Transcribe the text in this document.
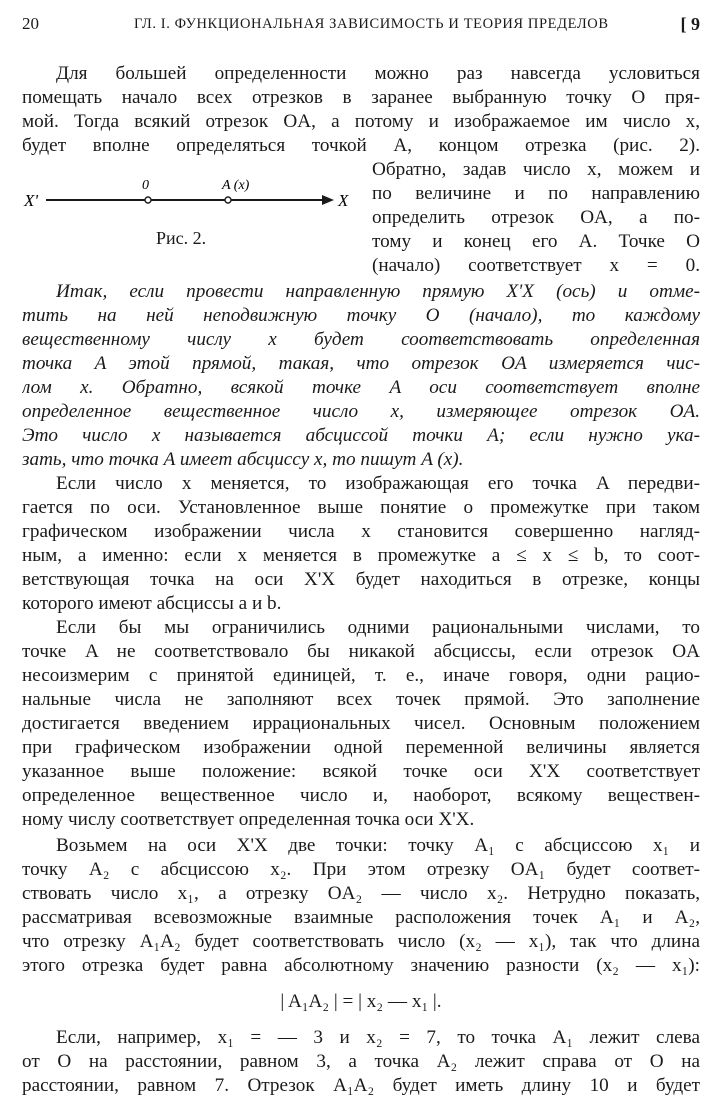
20	ГЛ. I. ФУНКЦИОНАЛЬНАЯ ЗАВИСИМОСТЬ И ТЕОРИЯ ПРЕДЕЛОВ	[ 9
X'
0	A (x)
X
Рис. 2.
Для большей определенности можно раз навсегда условиться
помещать начало всех отрезков в заранее выбранную точку O пря-
мой. Тогда всякий отрезок OA, а потому и изображаемое им число x,
будет вполне определяться точкой A, концом отрезка (рис. 2).
Обратно, задав число x, можем и
по величине и по направлению
определить отрезок OA, а по-
тому и конец его A. Точке O
(начало) соответствует x = 0.
Итак, если провести направленную прямую X'X (ось) и отме-
тить на ней неподвижную точку O (начало), то каждому
вещественному числу x будет соответствовать определенная
точка A этой прямой, такая, что отрезок OA измеряется чис-
лом x. Обратно, всякой точке A оси соответствует вполне
определенное вещественное число x, измеряющее отрезок OA.
Это число x называется абсциссой точки A; если нужно ука-
зать, что точка A имеет абсциссу x, то пишут A (x).
Если число x меняется, то изображающая его точка A передви-
гается по оси. Установленное выше понятие о промежутке при таком
графическом изображении числа x становится совершенно нагляд-
ным, а именно: если x меняется в промежутке a ≤ x ≤ b, то соот-
ветствующая точка на оси X'X будет находиться в отрезке, концы
которого имеют абсциссы a и b.
Если бы мы ограничились одними рациональными числами, то
точке A не соответствовало бы никакой абсциссы, если отрезок OA
несоизмерим с принятой единицей, т. е., иначе говоря, одни рацио-
нальные числа не заполняют всех точек прямой. Это заполнение
достигается введением иррациональных чисел. Основным положением
при графическом изображении одной переменной величины является
указанное выше положение: всякой точке оси X'X соответствует
определенное вещественное число и, наоборот, всякому веществен-
ному числу соответствует определенная точка оси X'X.
Возьмем на оси X'X две точки: точку A₁ с абсциссою x₁ и
точку A₂ с абсциссою x₂. При этом отрезку OA₁ будет соответ-
ствовать число x₁, а отрезку OA₂ — число x₂. Нетрудно показать,
рассматривая всевозможные взаимные расположения точек A₁ и A₂,
что отрезку A₁A₂ будет соответствовать число (x₂ — x₁), так что длина
этого отрезка будет равна абсолютному значению разности (x₂ — x₁):
| A₁A₂ | = | x₂ — x₁ |.
Если, например, x₁ = — 3 и x₂ = 7, то точка A₁ лежит слева
от O на расстоянии, равном 3, а точка A₂ лежит справа от O на
расстоянии, равном 7. Отрезок A₁A₂ будет иметь длину 10 и будет
